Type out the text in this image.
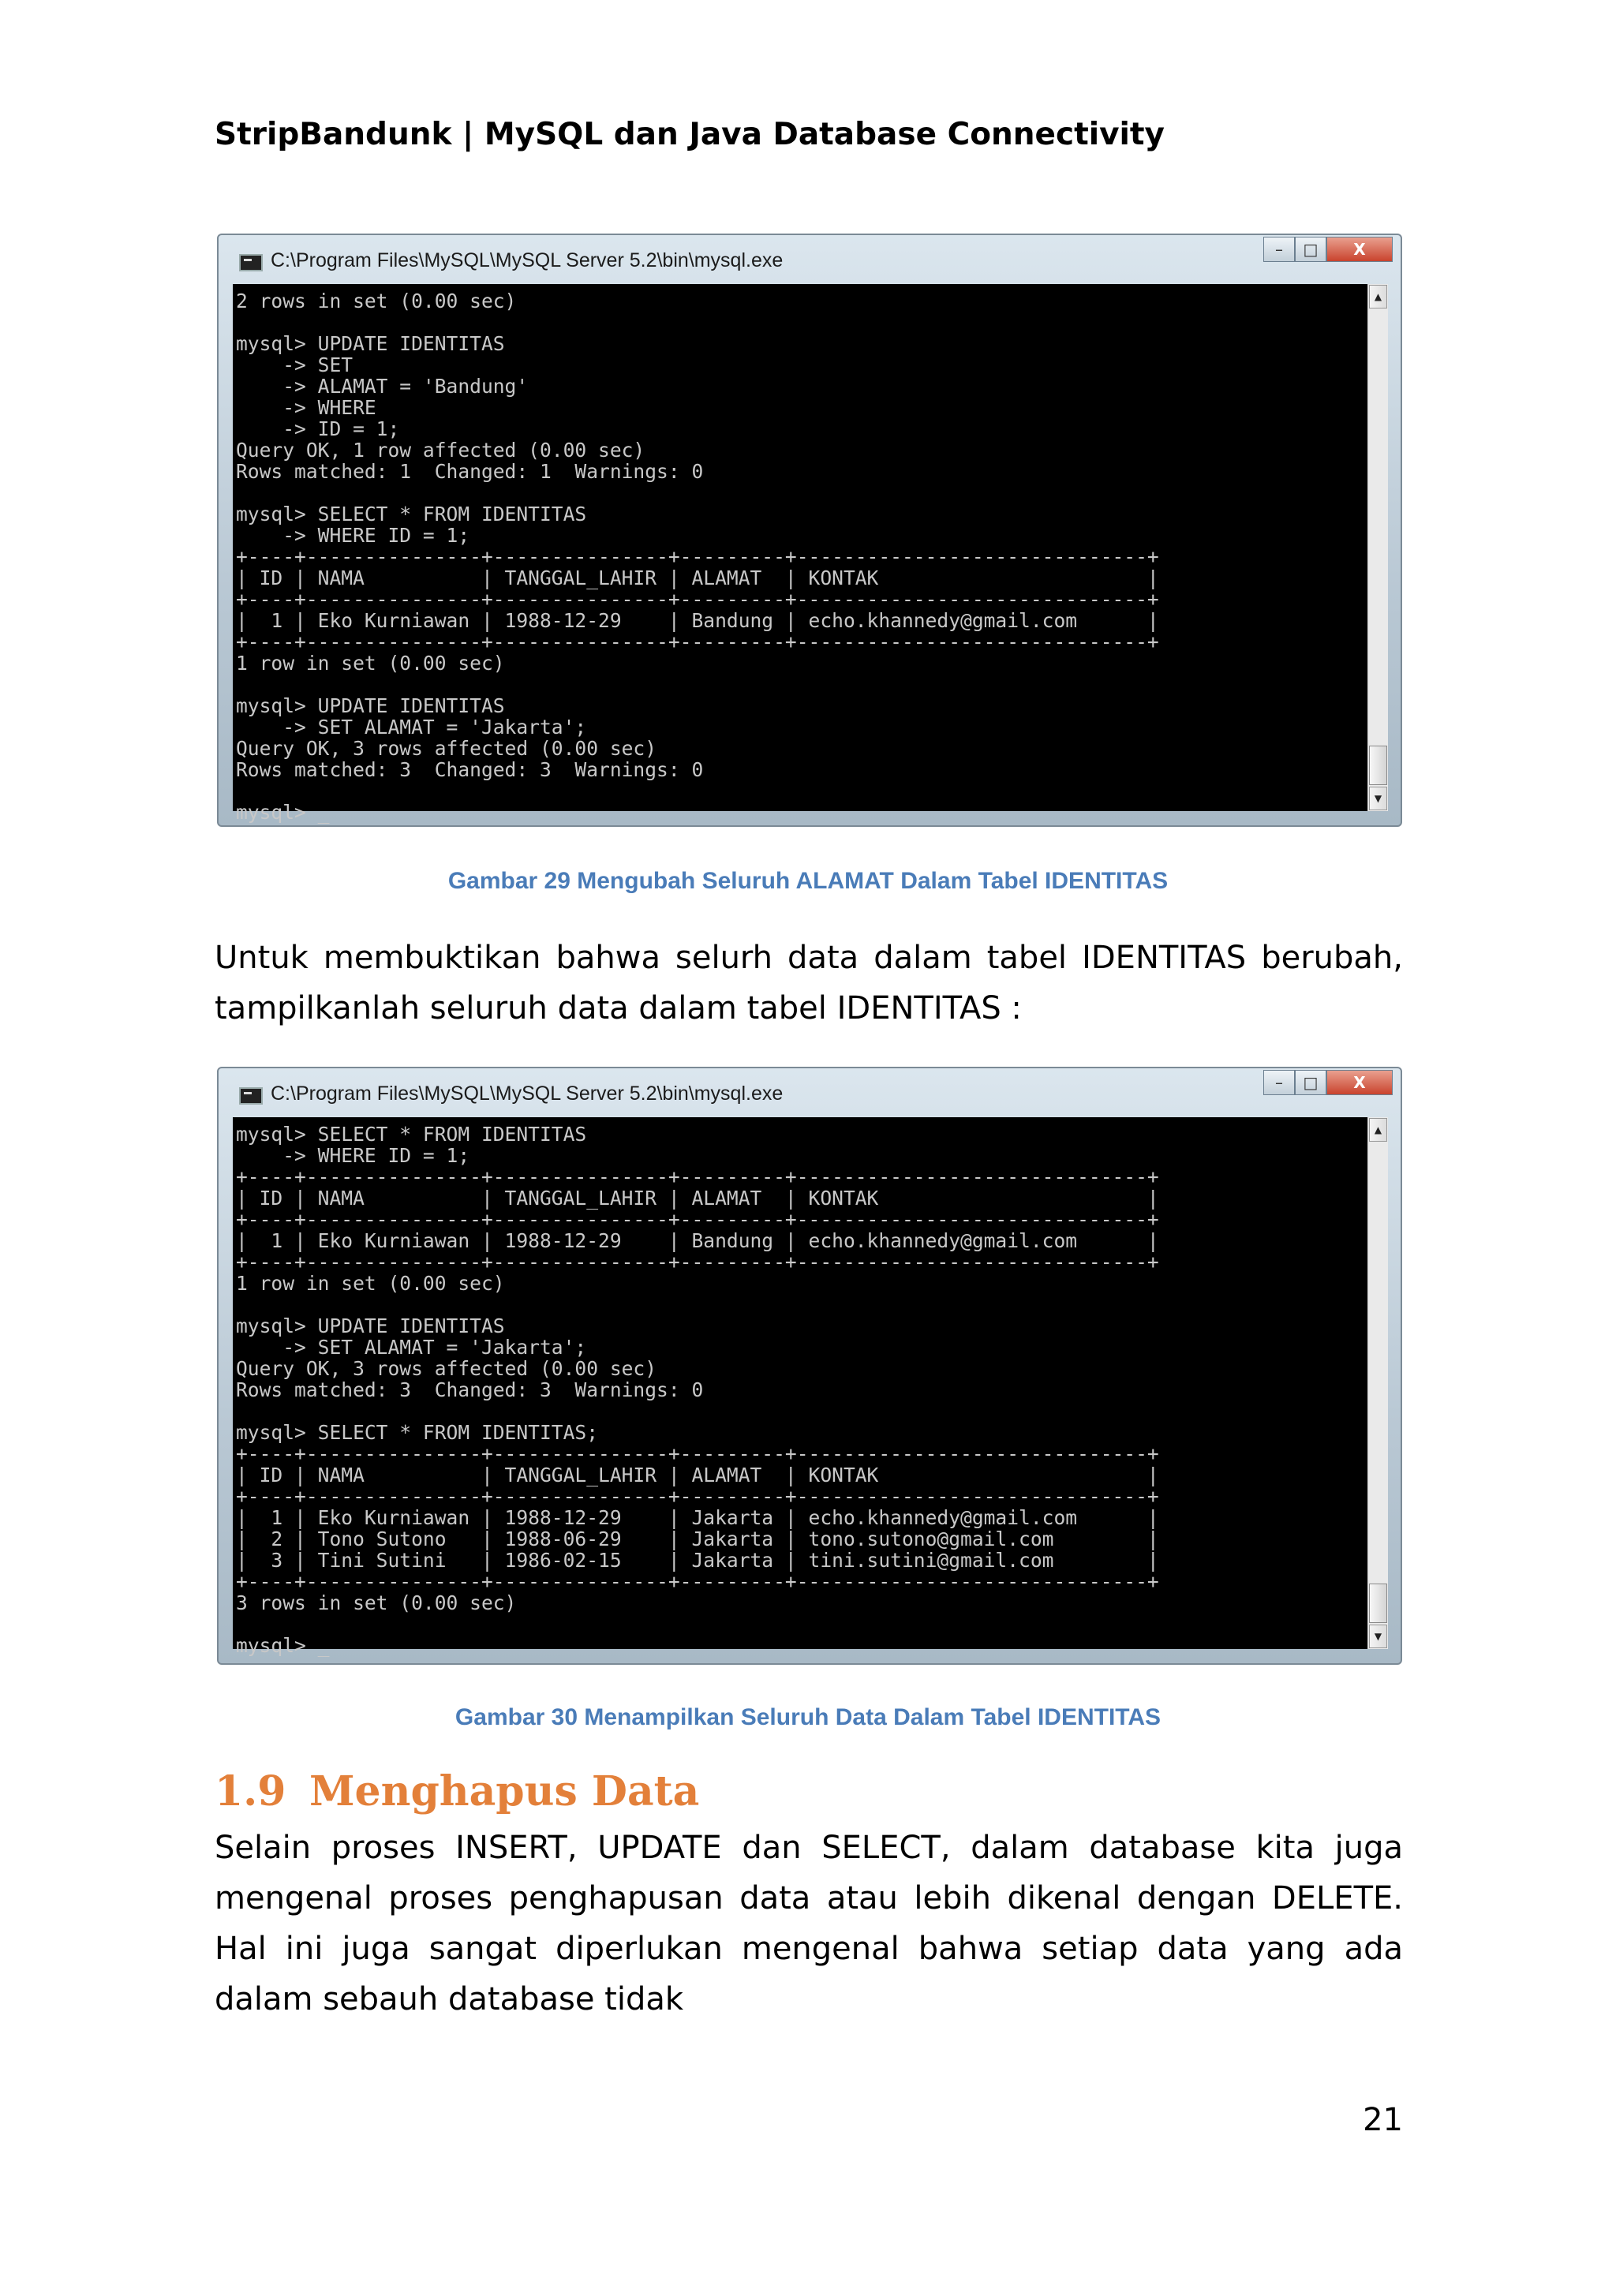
StripBandunk | MySQL dan Java Database Connectivity
C:\Program Files\MySQL\MySQL Server 5.2\bin\mysql.exe	–	□	X
2 rows in set (0.00 sec)

mysql> UPDATE IDENTITAS
-> SET
-> ALAMAT = 'Bandung'
-> WHERE
-> ID = 1;
Query OK, 1 row affected (0.00 sec)
Rows matched: 1  Changed: 1  Warnings: 0

mysql> SELECT * FROM IDENTITAS
-> WHERE ID = 1;
+----+---------------+---------------+---------+------------------------------+
| ID | NAMA          | TANGGAL_LAHIR | ALAMAT  | KONTAK                       |
+----+---------------+---------------+---------+------------------------------+
|  1 | Eko Kurniawan | 1988-12-29    | Bandung | echo.khannedy@gmail.com      |
+----+---------------+---------------+---------+------------------------------+
1 row in set (0.00 sec)

mysql> UPDATE IDENTITAS
-> SET ALAMAT = 'Jakarta';
Query OK, 3 rows affected (0.00 sec)
Rows matched: 3  Changed: 3  Warnings: 0

mysql> _
▲
▼
Gambar 29 Mengubah Seluruh ALAMAT Dalam Tabel IDENTITAS
Untuk membuktikan bahwa selurh data dalam tabel IDENTITAS berubah, tampilkanlah seluruh data dalam tabel IDENTITAS :
C:\Program Files\MySQL\MySQL Server 5.2\bin\mysql.exe	–	□	X
mysql> SELECT * FROM IDENTITAS
-> WHERE ID = 1;
+----+---------------+---------------+---------+------------------------------+
| ID | NAMA          | TANGGAL_LAHIR | ALAMAT  | KONTAK                       |
+----+---------------+---------------+---------+------------------------------+
|  1 | Eko Kurniawan | 1988-12-29    | Bandung | echo.khannedy@gmail.com      |
+----+---------------+---------------+---------+------------------------------+
1 row in set (0.00 sec)

mysql> UPDATE IDENTITAS
-> SET ALAMAT = 'Jakarta';
Query OK, 3 rows affected (0.00 sec)
Rows matched: 3  Changed: 3  Warnings: 0

mysql> SELECT * FROM IDENTITAS;
+----+---------------+---------------+---------+------------------------------+
| ID | NAMA          | TANGGAL_LAHIR | ALAMAT  | KONTAK                       |
+----+---------------+---------------+---------+------------------------------+
|  1 | Eko Kurniawan | 1988-12-29    | Jakarta | echo.khannedy@gmail.com      |
|  2 | Tono Sutono   | 1988-06-29    | Jakarta | tono.sutono@gmail.com        |
|  3 | Tini Sutini   | 1986-02-15    | Jakarta | tini.sutini@gmail.com        |
+----+---------------+---------------+---------+------------------------------+
3 rows in set (0.00 sec)

mysql> _
▲
▼
Gambar 30 Menampilkan Seluruh Data Dalam Tabel IDENTITAS
1.9 Menghapus Data
Selain proses INSERT, UPDATE dan SELECT, dalam database kita juga mengenal proses penghapusan data atau lebih dikenal dengan DELETE. Hal ini juga sangat diperlukan mengenal bahwa setiap data yang ada dalam sebauh database tidak
21
